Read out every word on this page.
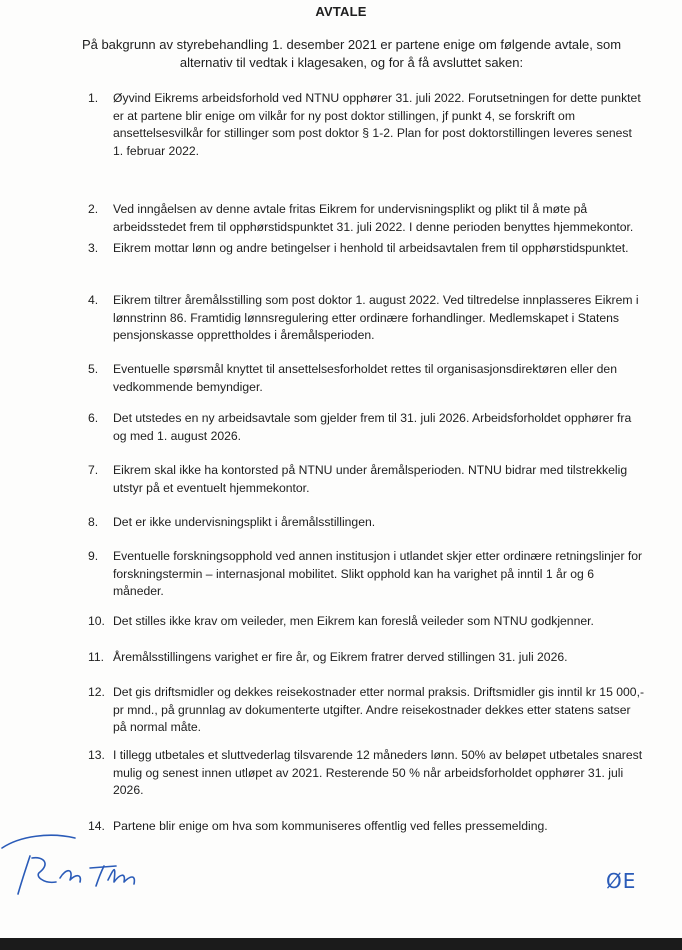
AVTALE
På bakgrunn av styrebehandling 1. desember 2021 er partene enige om følgende avtale, som alternativ til vedtak i klagesaken, og for å få avsluttet saken:
1.	Øyvind Eikrems arbeidsforhold ved NTNU opphører 31. juli 2022. Forutsetningen for dette punktet er at partene blir enige om vilkår for ny post doktor stillingen, jf punkt 4, se forskrift om ansettelsesvilkår for stillinger som post doktor § 1-2. Plan for post doktorstillingen leveres senest 1. februar 2022.
2.	Ved inngåelsen av denne avtale fritas Eikrem for undervisningsplikt og plikt til å møte på arbeidsstedet frem til opphørstidspunktet 31. juli 2022. I denne perioden benyttes hjemmekontor.
3.	Eikrem mottar lønn og andre betingelser i henhold til arbeidsavtalen frem til opphørstidspunktet.
4.	Eikrem tiltrer åremålsstilling som post doktor 1. august 2022. Ved tiltredelse innplasseres Eikrem i lønnstrinn 86. Framtidig lønnsregulering etter ordinære forhandlinger. Medlemskapet i Statens pensjonskasse opprettholdes i åremålsperioden.
5.	Eventuelle spørsmål knyttet til ansettelsesforholdet rettes til organisasjonsdirektøren eller den vedkommende bemyndiger.
6.	Det utstedes en ny arbeidsavtale som gjelder frem til 31. juli 2026. Arbeidsforholdet opphører fra og med 1. august 2026.
7.	Eikrem skal ikke ha kontorsted på NTNU under åremålsperioden. NTNU bidrar med tilstrekkelig utstyr på et eventuelt hjemmekontor.
8.	Det er ikke undervisningsplikt i åremålsstillingen.
9.	Eventuelle forskningsopphold ved annen institusjon i utlandet skjer etter ordinære retningslinjer for forskningstermin – internasjonal mobilitet. Slikt opphold kan ha varighet på inntil 1 år og 6 måneder.
10. Det stilles ikke krav om veileder, men Eikrem kan foreslå veileder som NTNU godkjenner.
11. Åremålsstillingens varighet er fire år, og Eikrem fratrer derved stillingen 31. juli 2026.
12. Det gis driftsmidler og dekkes reisekostnader etter normal praksis. Driftsmidler gis inntil kr 15 000,- pr mnd., på grunnlag av dokumenterte utgifter. Andre reisekostnader dekkes etter statens satser på normal måte.
13. I tillegg utbetales et sluttvederlag tilsvarende 12 måneders lønn. 50% av beløpet utbetales snarest mulig og senest innen utløpet av 2021. Resterende 50 % når arbeidsforholdet opphører 31. juli 2026.
14. Partene blir enige om hva som kommuniseres offentlig ved felles pressemelding.
ØE
